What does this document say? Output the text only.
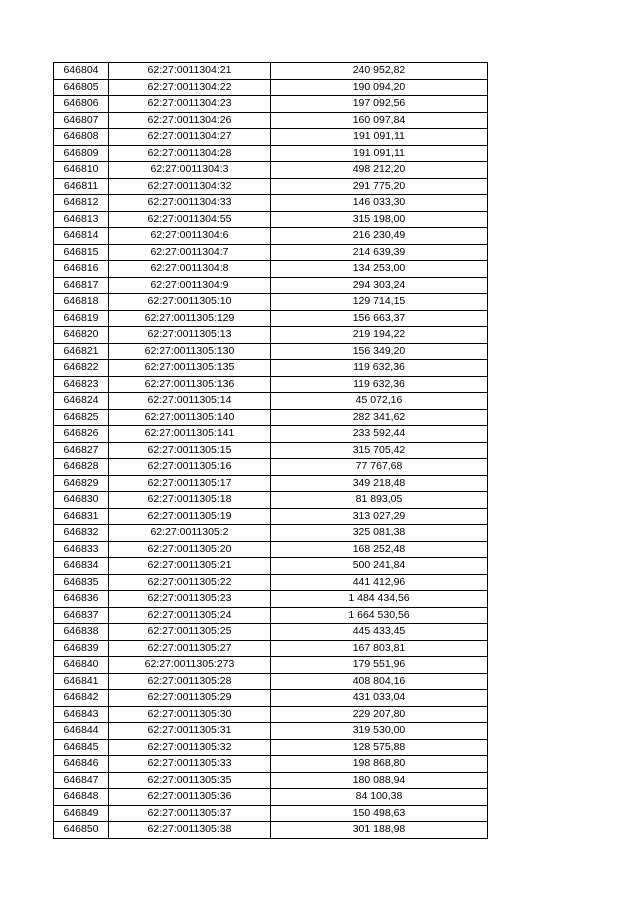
646804	62:27:0011304:21	240 952,82
646805	62:27:0011304:22	190 094,20
646806	62:27:0011304:23	197 092,56
646807	62:27:0011304:26	160 097,84
646808	62:27:0011304:27	191 091,11
646809	62:27:0011304:28	191 091,11
646810	62:27:0011304:3	498 212,20
646811	62:27:0011304:32	291 775,20
646812	62:27:0011304:33	146 033,30
646813	62:27:0011304:55	315 198,00
646814	62:27:0011304:6	216 230,49
646815	62:27:0011304:7	214 639,39
646816	62:27:0011304:8	134 253,00
646817	62:27:0011304:9	294 303,24
646818	62:27:0011305:10	129 714,15
646819	62:27:0011305:129	156 663,37
646820	62:27:0011305:13	219 194,22
646821	62:27:0011305:130	156 349,20
646822	62:27:0011305:135	119 632,36
646823	62:27:0011305:136	119 632,36
646824	62:27:0011305:14	45 072,16
646825	62:27:0011305:140	282 341,62
646826	62:27:0011305:141	233 592,44
646827	62:27:0011305:15	315 705,42
646828	62:27:0011305:16	77 767,68
646829	62:27:0011305:17	349 218,48
646830	62:27:0011305:18	81 893,05
646831	62:27:0011305:19	313 027,29
646832	62:27:0011305:2	325 081,38
646833	62:27:0011305:20	168 252,48
646834	62:27:0011305:21	500 241,84
646835	62:27:0011305:22	441 412,96
646836	62:27:0011305:23	1 484 434,56
646837	62:27:0011305:24	1 664 530,56
646838	62:27:0011305:25	445 433,45
646839	62:27:0011305:27	167 803,81
646840	62:27:0011305:273	179 551,96
646841	62:27:0011305:28	408 804,16
646842	62:27:0011305:29	431 033,04
646843	62:27:0011305:30	229 207,80
646844	62:27:0011305:31	319 530,00
646845	62:27:0011305:32	128 575,88
646846	62:27:0011305:33	198 868,80
646847	62:27:0011305:35	180 088,94
646848	62:27:0011305:36	84 100,38
646849	62:27:0011305:37	150 498,63
646850	62:27:0011305:38	301 188,98
